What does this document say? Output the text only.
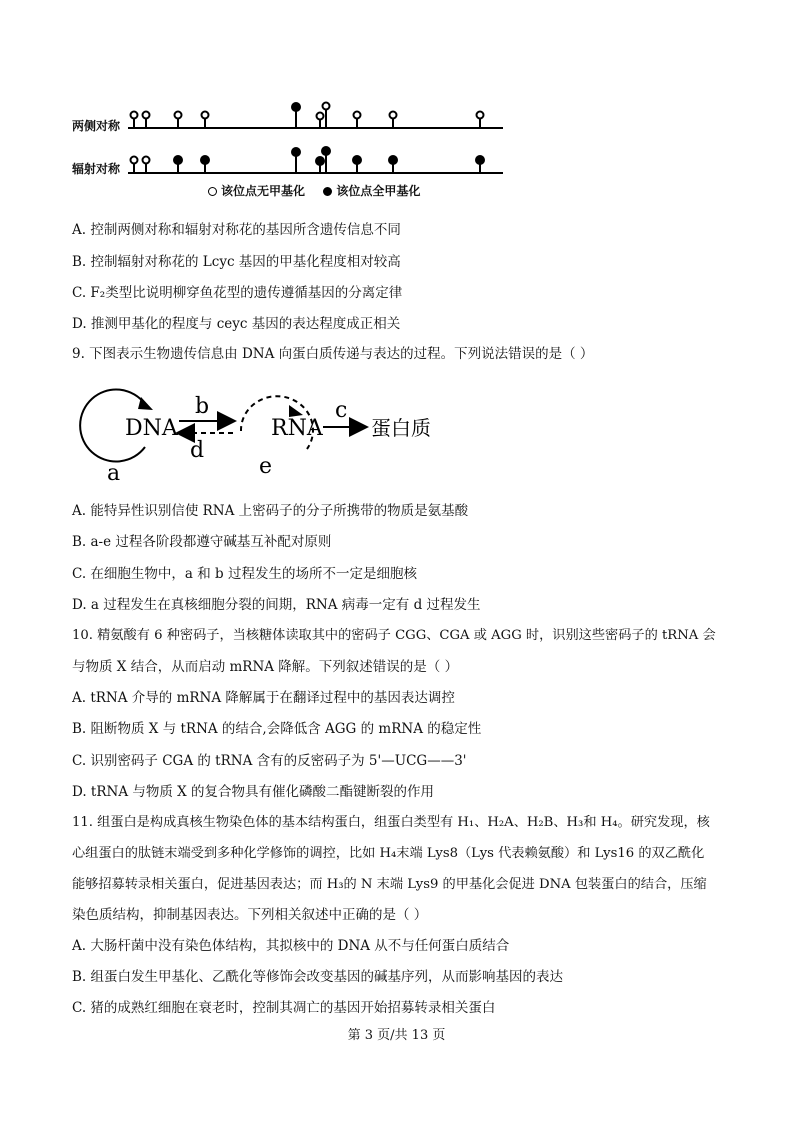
两侧对称
辐射对称
该位点无甲基化	该位点全甲基化
A. 控制两侧对称和辐射对称花的基因所含遗传信息不同
B. 控制辐射对称花的 Lcyc 基因的甲基化程度相对较高
C. F₂类型比说明柳穿鱼花型的遗传遵循基因的分离定律
D. 推测甲基化的程度与 cеyc 基因的表达程度成正相关
9. 下图表示生物遗传信息由 DNA 向蛋白质传递与表达的过程。下列说法错误的是（ ）
DNA	RNA
b
d
c
a	e
蛋白质
A. 能特异性识别信使 RNA 上密码子的分子所携带的物质是氨基酸
B. a-e 过程各阶段都遵守碱基互补配对原则
C. 在细胞生物中，a 和 b 过程发生的场所不一定是细胞核
D. a 过程发生在真核细胞分裂的间期，RNA 病毒一定有 d 过程发生
10. 精氨酸有 6 种密码子，当核糖体读取其中的密码子 CGG、CGA 或 AGG 时，识别这些密码子的 tRNA 会
与物质 X 结合，从而启动 mRNA 降解。下列叙述错误的是（ ）
A. tRNA 介导的 mRNA 降解属于在翻译过程中的基因表达调控
B. 阻断物质 X 与 tRNA 的结合,会降低含 AGG 的 mRNA 的稳定性
C. 识别密码子 CGA 的 tRNA 含有的反密码子为 5'—UCG——3'
D. tRNA 与物质 X 的复合物具有催化磷酸二酯键断裂的作用
11. 组蛋白是构成真核生物染色体的基本结构蛋白，组蛋白类型有 H₁、H₂A、H₂B、H₃和 H₄。研究发现，核
心组蛋白的肽链末端受到多种化学修饰的调控，比如 H₄末端 Lys8（Lys 代表赖氨酸）和 Lys16 的双乙酰化
能够招募转录相关蛋白，促进基因表达；而 H₃的 N 末端 Lys9 的甲基化会促进 DNA 包装蛋白的结合，压缩
染色质结构，抑制基因表达。下列相关叙述中正确的是（ ）
A. 大肠杆菌中没有染色体结构，其拟核中的 DNA 从不与任何蛋白质结合
B. 组蛋白发生甲基化、乙酰化等修饰会改变基因的碱基序列，从而影响基因的表达
C. 猪的成熟红细胞在衰老时，控制其凋亡的基因开始招募转录相关蛋白
第 3 页/共 13 页
